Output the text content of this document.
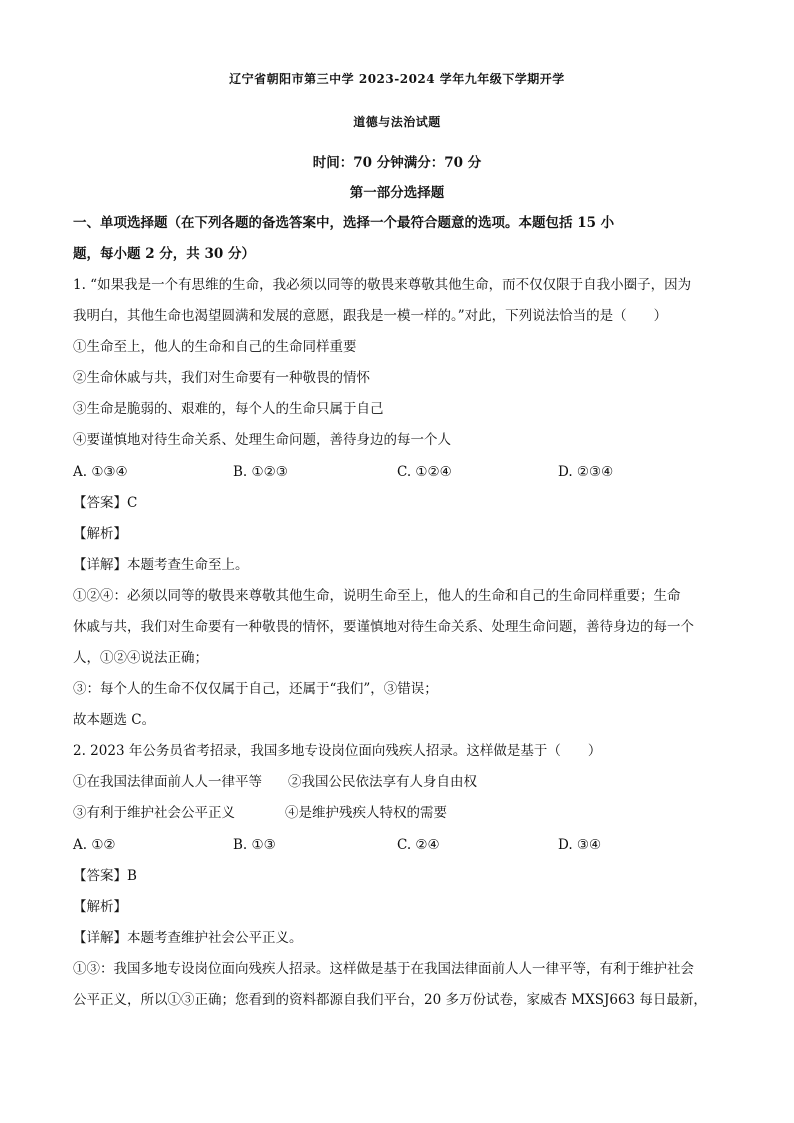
辽宁省朝阳市第三中学 2023-2024 学年九年级下学期开学
道德与法治试题
时间：70 分钟满分：70 分
第一部分选择题
一、单项选择题（在下列各题的备选答案中，选择一个最符合题意的选项。本题包括 15 小
题，每小题 2 分，共 30 分）
1. “如果我是一个有思维的生命，我必须以同等的敬畏来尊敬其他生命，而不仅仅限于自我小圈子，因为
我明白，其他生命也渴望圆满和发展的意愿，跟我是一模一样的。”对此，下列说法恰当的是（　　）
①生命至上，他人的生命和自己的生命同样重要
②生命休戚与共，我们对生命要有一种敬畏的情怀
③生命是脆弱的、艰难的，每个人的生命只属于自己
④要谨慎地对待生命关系、处理生命问题，善待身边的每一个人
A. ①③④	B. ①②③	C. ①②④	D. ②③④
【答案】C
【解析】
【详解】本题考查生命至上。
①②④：必须以同等的敬畏来尊敬其他生命，说明生命至上，他人的生命和自己的生命同样重要；生命
休戚与共，我们对生命要有一种敬畏的情怀，要谨慎地对待生命关系、处理生命问题，善待身边的每一个
人，①②④说法正确；
③：每个人的生命不仅仅属于自己，还属于“我们”，③错误；
故本题选 C。
2. 2023 年公务员省考招录，我国多地专设岗位面向残疾人招录。这样做是基于（　　）
①在我国法律面前人人一律平等 ②我国公民依法享有人身自由权
③有利于维护社会公平正义	④是维护残疾人特权的需要
A. ①②	B. ①③	C. ②④	D. ③④
【答案】B
【解析】
【详解】本题考查维护社会公平正义。
①③：我国多地专设岗位面向残疾人招录。这样做是基于在我国法律面前人人一律平等，有利于维护社会
公平正义，所以①③正确；您看到的资料都源自我们平台，20 多万份试卷，家威杏 MXSJ663 每日最新，
